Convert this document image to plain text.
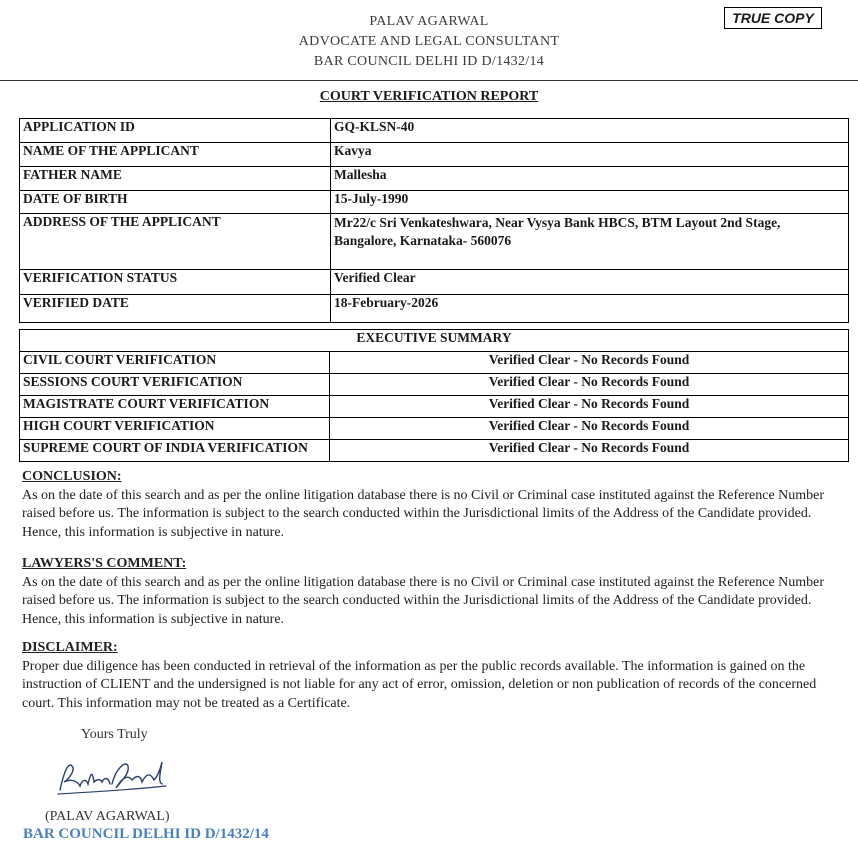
PALAV AGARWAL
ADVOCATE AND LEGAL CONSULTANT
BAR COUNCIL DELHI ID D/1432/14
TRUE COPY
COURT VERIFICATION REPORT
APPLICATION ID	GQ-KLSN-40
NAME OF THE APPLICANT	Kavya
FATHER NAME	Mallesha
DATE OF BIRTH	15-July-1990
ADDRESS OF THE APPLICANT	Mr22/c Sri Venkateshwara, Near Vysya Bank HBCS, BTM Layout 2nd Stage, Bangalore, Karnataka- 560076
VERIFICATION STATUS	Verified Clear
VERIFIED DATE	18-February-2026
EXECUTIVE SUMMARY	
CIVIL COURT VERIFICATION	Verified Clear - No Records Found
SESSIONS COURT VERIFICATION	Verified Clear - No Records Found
MAGISTRATE COURT VERIFICATION	Verified Clear - No Records Found
HIGH COURT VERIFICATION	Verified Clear - No Records Found
SUPREME COURT OF INDIA VERIFICATION	Verified Clear - No Records Found
CONCLUSION:
As on the date of this search and as per the online litigation database there is no Civil or Criminal case instituted against the Reference Number raised before us. The information is subject to the search conducted within the Jurisdictional limits of the Address of the Candidate provided. Hence, this information is subjective in nature.
LAWYERS'S COMMENT:
As on the date of this search and as per the online litigation database there is no Civil or Criminal case instituted against the Reference Number raised before us. The information is subject to the search conducted within the Jurisdictional limits of the Address of the Candidate provided. Hence, this information is subjective in nature.
DISCLAIMER:
Proper due diligence has been conducted in retrieval of the information as per the public records available. The information is gained on the instruction of CLIENT and the undersigned is not liable for any act of error, omission, deletion or non publication of records of the concerned court. This information may not be treated as a Certificate.
Yours Truly
(PALAV AGARWAL)
BAR COUNCIL DELHI ID D/1432/14
